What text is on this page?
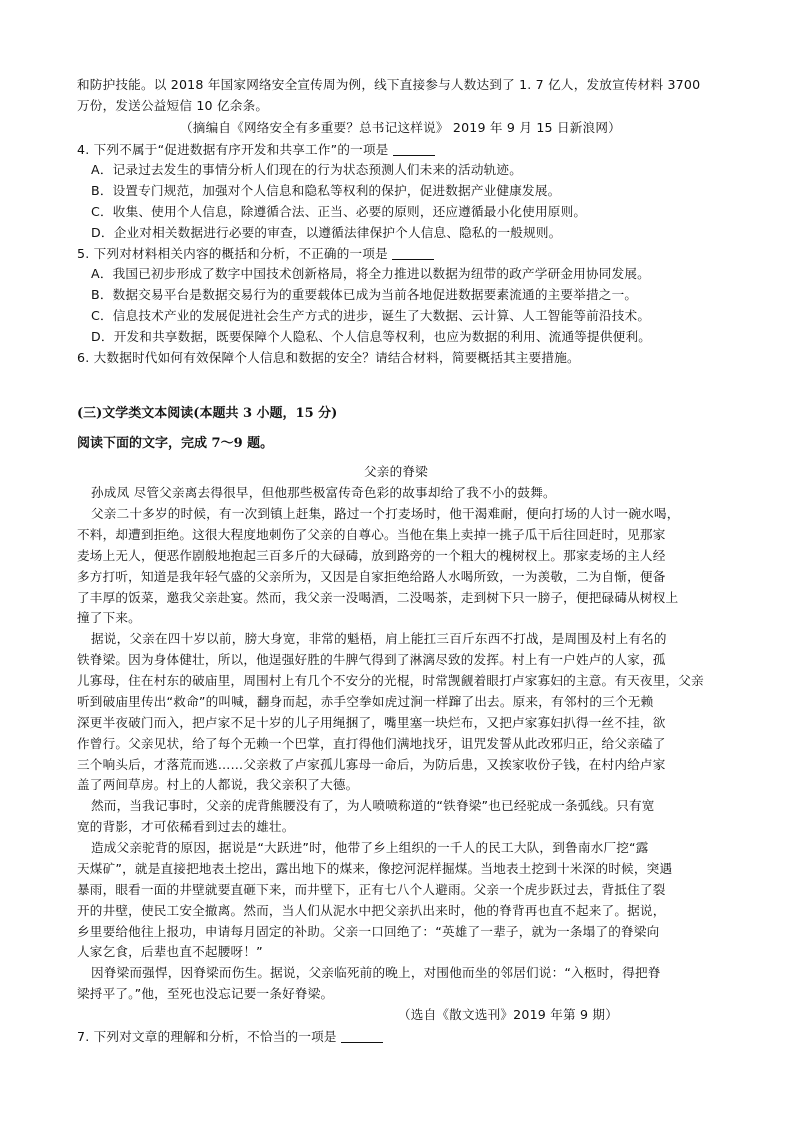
和防护技能。以 2018 年国家网络安全宣传周为例，线下直接参与人数达到了 1. 7 亿人，发放宣传材料 3700
万份，发送公益短信 10 亿余条。
（摘编自《网络安全有多重要？总书记这样说》 2019 年 9 月 15 日新浪网）
4. 下列不属于“促进数据有序开发和共享工作”的一项是
A．记录过去发生的事情分析人们现在的行为状态预测人们未来的活动轨迹。
B．设置专门规范，加强对个人信息和隐私等权利的保护，促进数据产业健康发展。
C．收集、使用个人信息，除遵循合法、正当、必要的原则，还应遵循最小化使用原则。
D．企业对相关数据进行必要的审查，以遵循法律保护个人信息、隐私的一般规则。
5. 下列对材料相关内容的概括和分析，不正确的一项是
A．我国已初步形成了数字中国技术创新格局，将全力推进以数据为纽带的政产学研金用协同发展。
B．数据交易平台是数据交易行为的重要载体已成为当前各地促进数据要素流通的主要举措之一。
C．信息技术产业的发展促进社会生产方式的进步，诞生了大数据、云计算、人工智能等前沿技术。
D．开发和共享数据，既要保障个人隐私、个人信息等权利，也应为数据的利用、流通等提供便利。
6. 大数据时代如何有效保障个人信息和数据的安全？请结合材料，简要概括其主要措施。
(三)文学类文本阅读(本题共 3 小题，15 分)
阅读下面的文字，完成 7～9 题。
父亲的脊梁
孙成凤 尽管父亲离去得很早，但他那些极富传奇色彩的故事却给了我不小的鼓舞。
父亲二十多岁的时候，有一次到镇上赶集，路过一个打麦场时，他干渴难耐，便向打场的人讨一碗水喝，
不料，却遭到拒绝。这很大程度地刺伤了父亲的自尊心。当他在集上卖掉一挑子瓜干后往回赶时，见那家
麦场上无人，便恶作剧般地抱起三百多斤的大碌碡，放到路旁的一个粗大的槐树杈上。那家麦场的主人经
多方打听，知道是我年轻气盛的父亲所为，又因是自家拒绝给路人水喝所致，一为羡敬，二为自惭，便备
了丰厚的饭菜，邀我父亲赴宴。然而，我父亲一没喝酒，二没喝茶，走到树下只一膀子，便把碌碡从树杈上
撞了下来。
据说，父亲在四十岁以前，膀大身宽，非常的魁梧，肩上能扛三百斤东西不打战，是周围及村上有名的
铁脊梁。因为身体健壮，所以，他逞强好胜的牛脾气得到了淋漓尽致的发挥。村上有一户姓卢的人家，孤
儿寡母，住在村东的破庙里，周围村上有几个不安分的光棍，时常觊觎着眼打卢家寡妇的主意。有天夜里，父亲
听到破庙里传出“救命”的叫喊，翻身而起，赤手空拳如虎过涧一样蹿了出去。原来，有邻村的三个无赖
深更半夜破门而入，把卢家不足十岁的儿子用绳捆了，嘴里塞一块烂布，又把卢家寡妇扒得一丝不挂，欲
作曾行。父亲见状，给了每个无赖一个巴掌，直打得他们满地找牙，诅咒发誓从此改邪归正，给父亲磕了
三个响头后，才落荒而逃……父亲救了卢家孤儿寡母一命后，为防后患，又挨家收份子钱，在村内给卢家
盖了两间草房。村上的人都说，我父亲积了大德。
然而，当我记事时，父亲的虎背熊腰没有了，为人喷喷称道的“铁脊梁”也已经驼成一条弧线。只有宽
宽的背影，才可依稀看到过去的雄壮。
造成父亲驼背的原因，据说是“大跃进”时，他带了乡上组织的一千人的民工大队，到鲁南水厂挖“露
天煤矿”，就是直接把地表土挖出，露出地下的煤来，像挖河泥样掘煤。当地表土挖到十米深的时候，突遇
暴雨，眼看一面的井壁就要直砸下来，而井壁下，正有七八个人避雨。父亲一个虎步跃过去，背抵住了裂
开的井壁，使民工安全撤离。然而，当人们从泥水中把父亲扒出来时，他的脊背再也直不起来了。据说，
乡里要给他往上报功，申请每月固定的补助。父亲一口回绝了：“英雄了一辈子，就为一条塌了的脊梁向
人家乞食，后辈也直不起腰呀！”
因脊梁而强悍，因脊梁而伤生。据说，父亲临死前的晚上，对围他而坐的邻居们说：“入柩时，得把脊
梁捋平了。”他，至死也没忘记要一条好脊梁。
（选自《散文选刊》2019 年第 9 期）
7. 下列对文章的理解和分析，不恰当的一项是
